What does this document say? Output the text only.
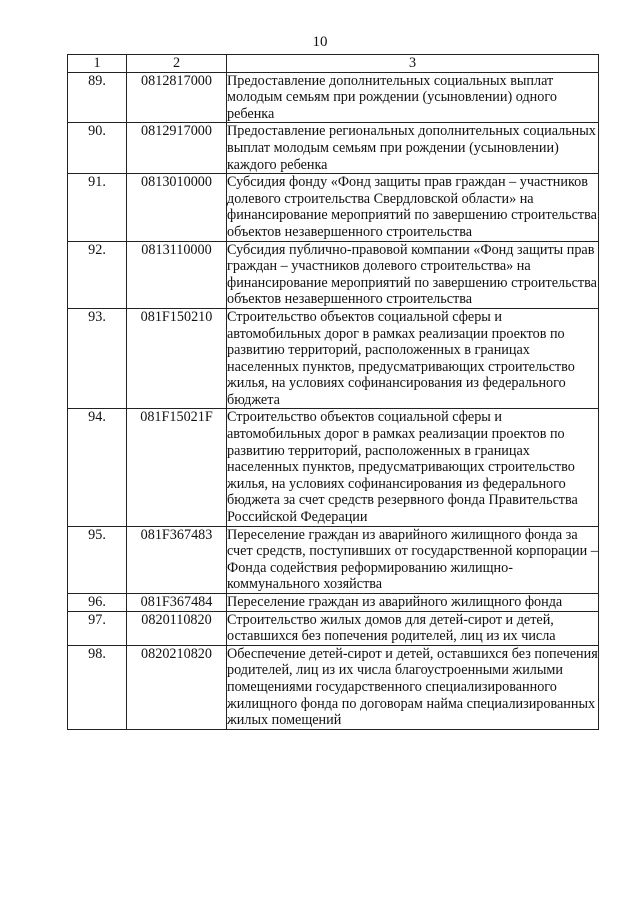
10
1	2	3
89.	0812817000	Предоставление дополнительных социальных выплат молодым семьям при рождении (усыновлении) одного ребенка
90.	0812917000	Предоставление региональных дополнительных социальных выплат молодым семьям при рождении (усыновлении) каждого ребенка
91.	0813010000	Субсидия фонду «Фонд защиты прав граждан – участников долевого строительства Свердловской области» на финансирование мероприятий по завершению строительства объектов незавершенного строительства
92.	0813110000	Субсидия публично-правовой компании «Фонд защиты прав граждан – участников долевого строительства» на финансирование мероприятий по завершению строительства объектов незавершенного строительства
93.	081F150210	Строительство объектов социальной сферы и автомобильных дорог в рамках реализации проектов по развитию территорий, расположенных в границах населенных пунктов, предусматривающих строительство жилья, на условиях софинансирования из федерального бюджета
94.	081F15021F	Строительство объектов социальной сферы и автомобильных дорог в рамках реализации проектов по развитию территорий, расположенных в границах населенных пунктов, предусматривающих строительство жилья, на условиях софинансирования из федерального бюджета за счет средств резервного фонда Правительства Российской Федерации
95.	081F367483	Переселение граждан из аварийного жилищного фонда за счет средств, поступивших от государственной корпорации – Фонда содействия реформированию жилищно-коммунального хозяйства
96.	081F367484	Переселение граждан из аварийного жилищного фонда
97.	0820110820	Строительство жилых домов для детей-сирот и детей, оставшихся без попечения родителей, лиц из их числа
98.	0820210820	Обеспечение детей-сирот и детей, оставшихся без попечения родителей, лиц из их числа благоустроенными жилыми помещениями государственного специализированного жилищного фонда по договорам найма специализированных жилых помещений
